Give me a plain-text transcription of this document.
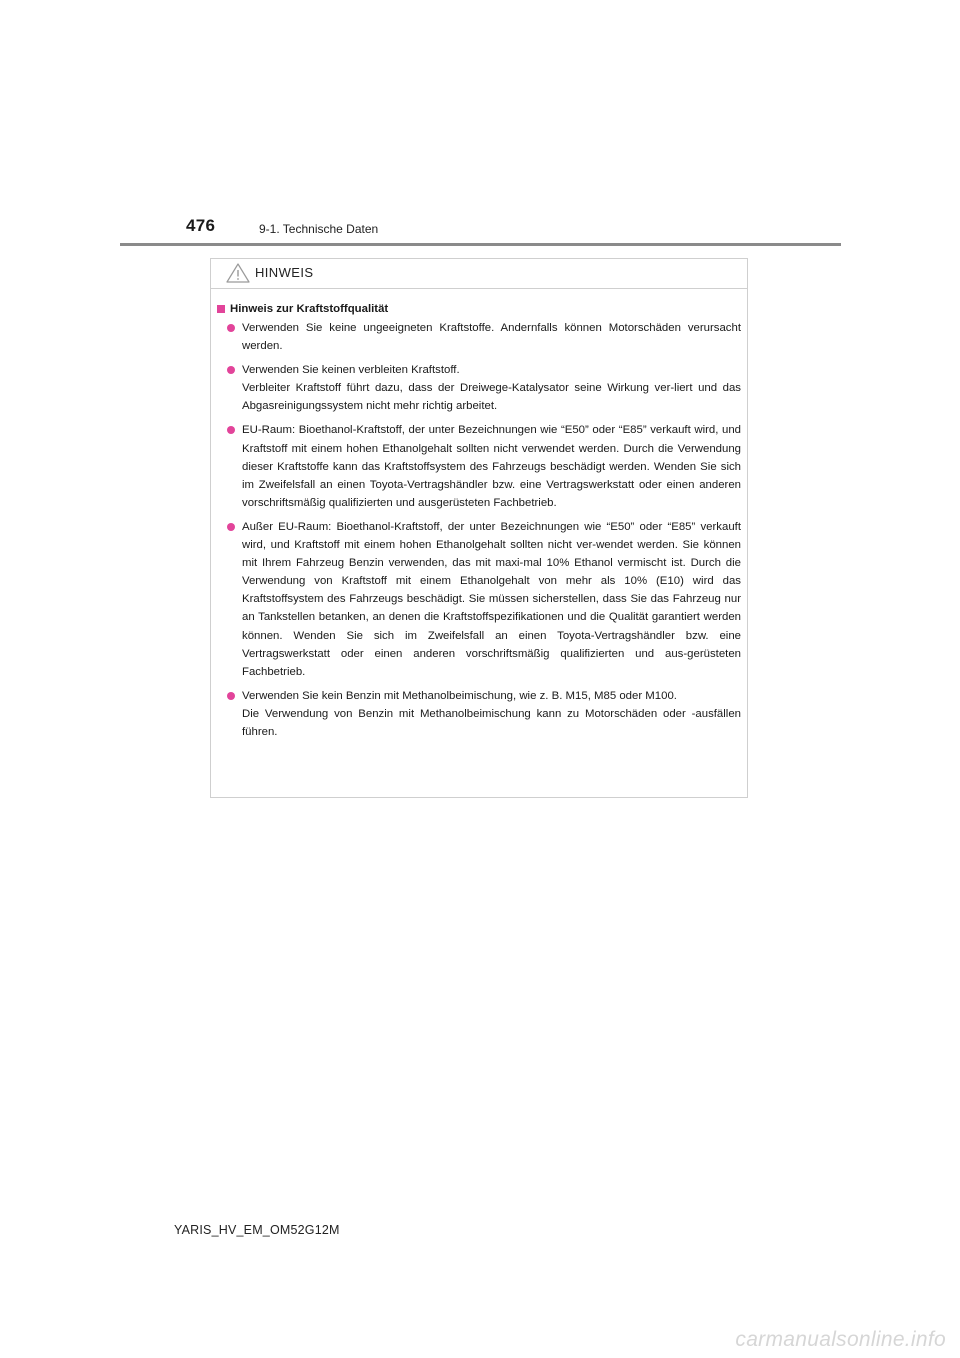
476	9-1. Technische Daten
HINWEIS
Hinweis zur Kraftstoffqualität

Verwenden Sie keine ungeeigneten Kraftstoffe. Andernfalls können Motorschäden verursacht werden.

Verwenden Sie keinen verbleiten Kraftstoff.

Verbleiter Kraftstoff führt dazu, dass der Dreiwege-Katalysator seine Wirkung ver-liert und das Abgasreinigungssystem nicht mehr richtig arbeitet.

EU-Raum: Bioethanol-Kraftstoff, der unter Bezeichnungen wie “E50” oder “E85” verkauft wird, und Kraftstoff mit einem hohen Ethanolgehalt sollten nicht verwendet werden. Durch die Verwendung dieser Kraftstoffe kann das Kraftstoffsystem des Fahrzeugs beschädigt werden. Wenden Sie sich im Zweifelsfall an einen Toyota-Vertragshändler bzw. eine Vertragswerkstatt oder einen anderen vorschriftsmäßig qualifizierten und ausgerüsteten Fachbetrieb.

Außer EU-Raum: Bioethanol-Kraftstoff, der unter Bezeichnungen wie “E50” oder “E85” verkauft wird, und Kraftstoff mit einem hohen Ethanolgehalt sollten nicht ver-wendet werden. Sie können mit Ihrem Fahrzeug Benzin verwenden, das mit maxi-mal 10% Ethanol vermischt ist. Durch die Verwendung von Kraftstoff mit einem Ethanolgehalt von mehr als 10% (E10) wird das Kraftstoffsystem des Fahrzeugs beschädigt. Sie müssen sicherstellen, dass Sie das Fahrzeug nur an Tankstellen betanken, an denen die Kraftstoffspezifikationen und die Qualität garantiert werden können. Wenden Sie sich im Zweifelsfall an einen Toyota-Vertragshändler bzw. eine Vertragswerkstatt oder einen anderen vorschriftsmäßig qualifizierten und aus-gerüsteten Fachbetrieb.

Verwenden Sie kein Benzin mit Methanolbeimischung, wie z. B. M15, M85 oder M100.

Die Verwendung von Benzin mit Methanolbeimischung kann zu Motorschäden oder -ausfällen führen.

YARIS_HV_EM_OM52G12M
carmanualsonline.info
